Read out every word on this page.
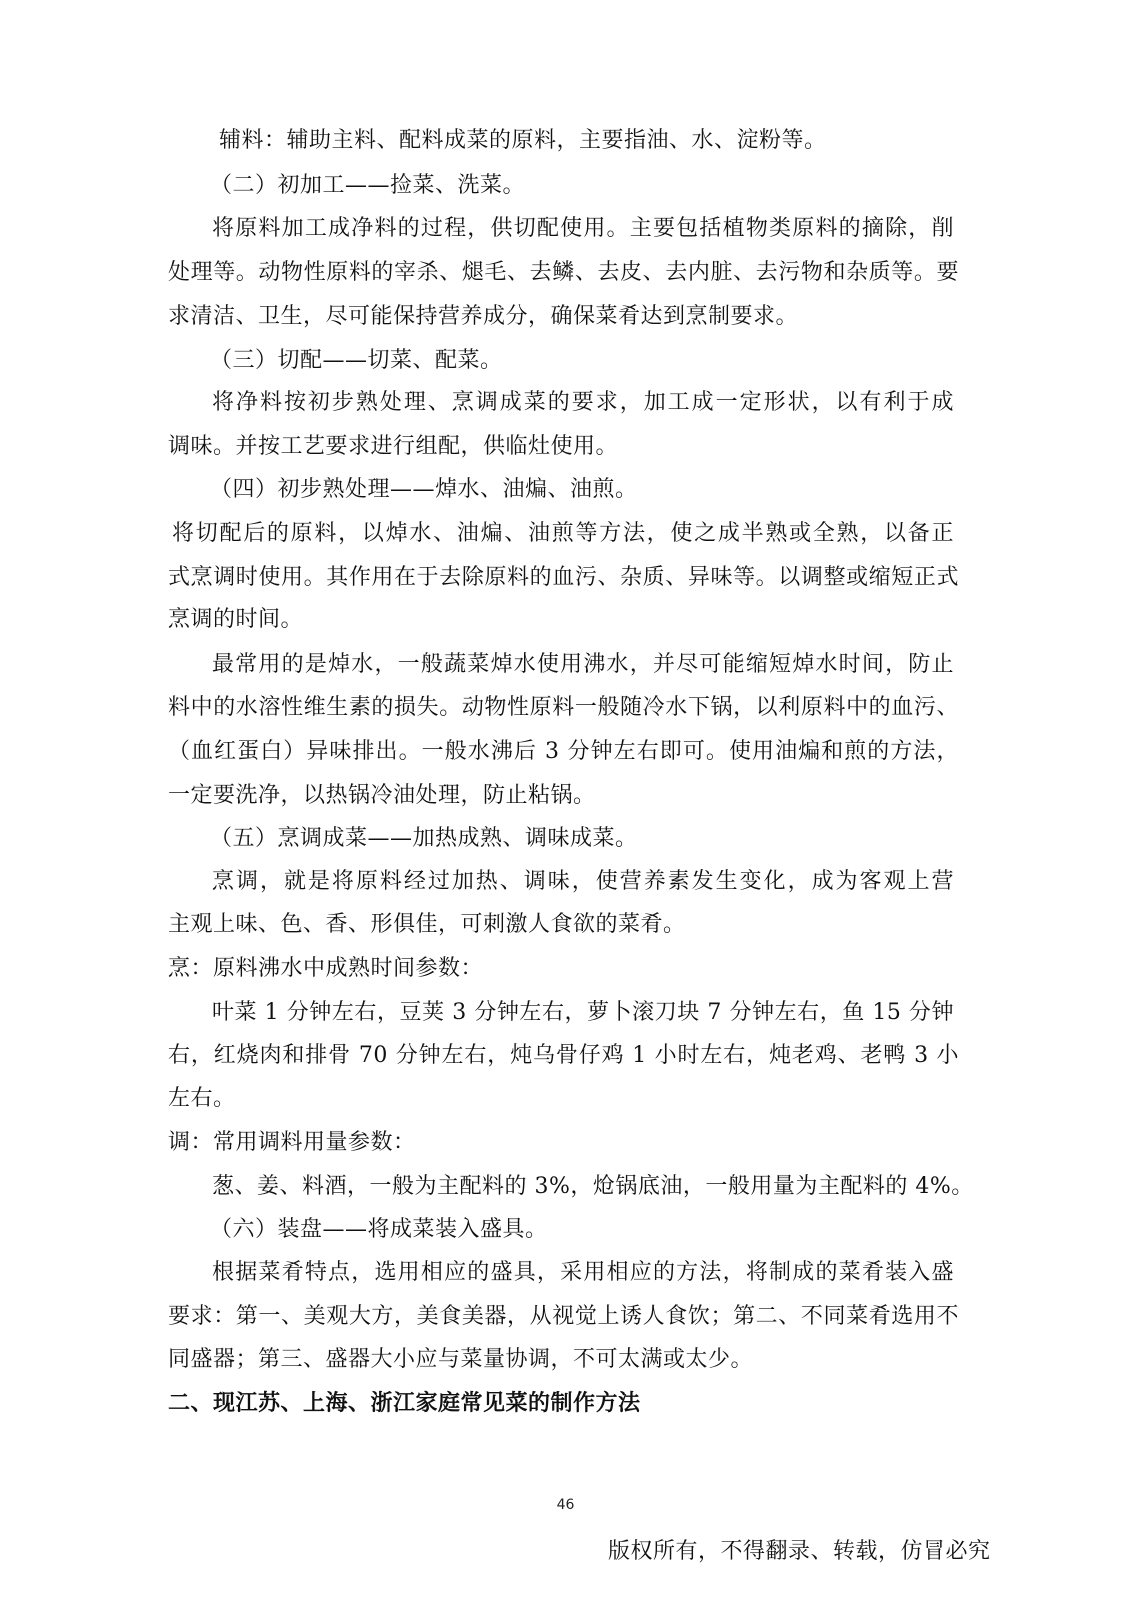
辅料：辅助主料、配料成菜的原料，主要指油、水、淀粉等。
（二）初加工——捡菜、洗菜。
将原料加工成净料的过程，供切配使用。主要包括植物类原料的摘除，削
处理等。动物性原料的宰杀、煺毛、去鳞、去皮、去内脏、去污物和杂质等。要
求清洁、卫生，尽可能保持营养成分，确保菜肴达到烹制要求。
（三）切配——切菜、配菜。
将净料按初步熟处理、烹调成菜的要求，加工成一定形状，以有利于成
调味。并按工艺要求进行组配，供临灶使用。
（四）初步熟处理——焯水、油煸、油煎。
将切配后的原料，以焯水、油煸、油煎等方法，使之成半熟或全熟，以备正
式烹调时使用。其作用在于去除原料的血污、杂质、异味等。以调整或缩短正式
烹调的时间。
最常用的是焯水，一般蔬菜焯水使用沸水，并尽可能缩短焯水时间，防止
料中的水溶性维生素的损失。动物性原料一般随冷水下锅，以利原料中的血污、
（血红蛋白）异味排出。一般水沸后 3 分钟左右即可。使用油煸和煎的方法，
一定要洗净，以热锅冷油处理，防止粘锅。
（五）烹调成菜——加热成熟、调味成菜。
烹调，就是将原料经过加热、调味，使营养素发生变化，成为客观上营
主观上味、色、香、形俱佳，可刺激人食欲的菜肴。
烹：原料沸水中成熟时间参数：
叶菜 1 分钟左右，豆荚 3 分钟左右，萝卜滚刀块 7 分钟左右，鱼 15 分钟
右，红烧肉和排骨 70 分钟左右，炖乌骨仔鸡 1 小时左右，炖老鸡、老鸭 3 小
左右。
调：常用调料用量参数：
葱、姜、料酒，一般为主配料的 3%，炝锅底油，一般用量为主配料的 4%。
（六）装盘——将成菜装入盛具。
根据菜肴特点，选用相应的盛具，采用相应的方法，将制成的菜肴装入盛
要求：第一、美观大方，美食美器，从视觉上诱人食饮；第二、不同菜肴选用不
同盛器；第三、盛器大小应与菜量协调，不可太满或太少。
二、现江苏、上海、浙江家庭常见菜的制作方法
46
版权所有，不得翻录、转载，仿冒必究
